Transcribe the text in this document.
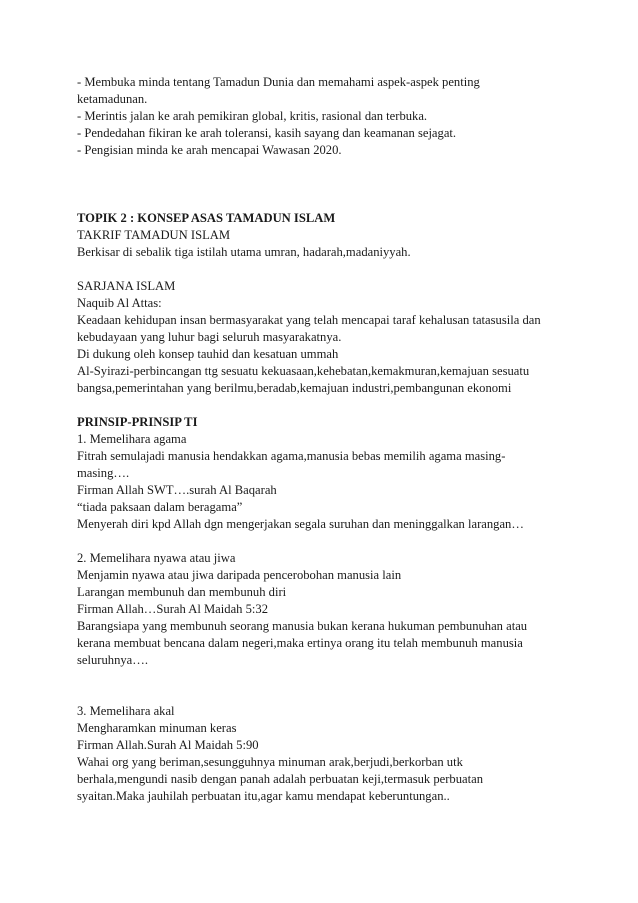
- Membuka minda tentang Tamadun Dunia dan memahami aspek-aspek penting
ketamadunan.
- Merintis jalan ke arah pemikiran global, kritis, rasional dan terbuka.
- Pendedahan fikiran ke arah toleransi, kasih sayang dan keamanan sejagat.
- Pengisian minda ke arah mencapai Wawasan 2020.
TOPIK 2 : KONSEP ASAS TAMADUN ISLAM
TAKRIF TAMADUN ISLAM
Berkisar di sebalik tiga istilah utama umran, hadarah,madaniyyah.
SARJANA ISLAM
Naquib Al Attas:
Keadaan kehidupan insan bermasyarakat yang telah mencapai taraf kehalusan tatasusila dan
kebudayaan yang luhur bagi seluruh masyarakatnya.
Di dukung oleh konsep tauhid dan kesatuan ummah
Al-Syirazi-perbincangan ttg sesuatu kekuasaan,kehebatan,kemakmuran,kemajuan sesuatu
bangsa,pemerintahan yang berilmu,beradab,kemajuan industri,pembangunan ekonomi
PRINSIP-PRINSIP TI
1. Memelihara agama
Fitrah semulajadi manusia hendakkan agama,manusia bebas memilih agama masing-
masing….
Firman Allah SWT….surah Al Baqarah
“tiada paksaan dalam beragama”
Menyerah diri kpd Allah dgn mengerjakan segala suruhan dan meninggalkan larangan…
2. Memelihara nyawa atau jiwa
Menjamin nyawa atau jiwa daripada pencerobohan manusia lain
Larangan membunuh dan membunuh diri
Firman Allah…Surah Al Maidah 5:32
Barangsiapa yang membunuh seorang manusia bukan kerana hukuman pembunuhan atau
kerana membuat bencana dalam negeri,maka ertinya orang itu telah membunuh manusia
seluruhnya….
3. Memelihara akal
Mengharamkan minuman keras
Firman Allah.Surah Al Maidah 5:90
Wahai org yang beriman,sesungguhnya minuman arak,berjudi,berkorban utk
berhala,mengundi nasib dengan panah adalah perbuatan keji,termasuk perbuatan
syaitan.Maka jauhilah perbuatan itu,agar kamu mendapat keberuntungan..
